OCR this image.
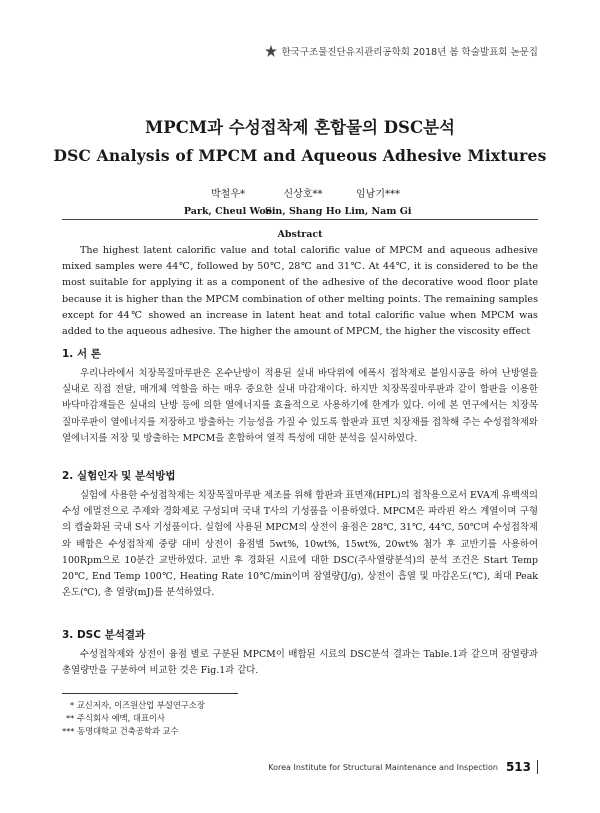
한국구조물진단유지관리공학회 2018년 봄 학술발표회 논문집
MPCM과 수성접착제 혼합물의 DSC분석
DSC Analysis of MPCM and Aqueous Adhesive Mixtures
박철우*
Park, Cheul Woo
신상호**
Sin, Shang Ho
임남기***
Lim, Nam Gi
Abstract
The highest latent calorific value and total calorific value of MPCM and aqueous adhesive mixed samples were 44℃, followed by 50℃, 28℃ and 31℃. At 44℃, it is considered to be the most suitable for applying it as a component of the adhesive of the decorative wood floor plate because it is higher than the MPCM combination of other melting points. The remaining samples except for 44℃ showed an increase in latent heat and total calorific value when MPCM was added to the aqueous adhesive. The higher the amount of MPCM, the higher the viscosity effect
1. 서 론
우리나라에서 치장목질마루판은 온수난방이 적용된 실내 바닥위에 에폭시 접착제로 붙임시공을 하여 난방열을 실내로 직접 전달, 매개체 역할을 하는 매우 중요한 실내 마감재이다. 하지만 치장목질마루판과 같이 합판을 이용한 바닥마감재들은 실내의 난방 등에 의한 열에너지를 효율적으로 사용하기에 한계가 있다. 이에 본 연구에서는 치장목질마루판이 열에너지를 저장하고 방출하는 기능성을 가질 수 있도록 합판과 표면 치장재를 접착해 주는 수성접착제와 열에너지를 저장 및 방출하는 MPCM을 혼합하여 열적 특성에 대한 분석을 실시하였다.
2. 실험인자 및 분석방법
실험에 사용한 수성접착제는 치장목질마루판 제조를 위해 합판과 표면재(HPL)의 접착용으로서 EVA계 유백색의 수성 에멀전으로 주제와 경화제로 구성되며 국내 T사의 기성품을 이용하였다. MPCM은 파라핀 왁스 계열이며 구형의 캡슐화된 국내 S사 기성품이다. 실험에 사용된 MPCM의 상전이 융점은 28℃, 31℃, 44℃, 50℃며 수성접착제와 배합은 수성접착제 중량 대비 상전이 융점별 5wt%, 10wt%, 15wt%, 20wt% 첨가 후 교반기를 사용하여 100Rpm으로 10분간 교반하였다. 교반 후 경화된 시료에 대한 DSC(주사열량분석)의 분석 조건은 Start Temp 20℃, End Temp 100℃, Heating Rate 10℃/min이며 잠열량(J/g), 상전이 흡열 및 마감온도(℃), 최대 Peak 온도(℃), 총 열량(mJ)를 분석하였다.
3. DSC 분석결과
수성접착제와 상전이 융점 별로 구분된 MPCM이 배합된 시료의 DSC분석 결과는 Table.1과 같으며 잠열량과 총열량만을 구분하여 비교한 것은 Fig.1과 같다.
* 교신저자, 이즈원산업 부설연구소장
** 주식회사 예맥, 대표이사
*** 동명대학교 건축공학과 교수
Korea Institute for Structural Maintenance and Inspection 513
